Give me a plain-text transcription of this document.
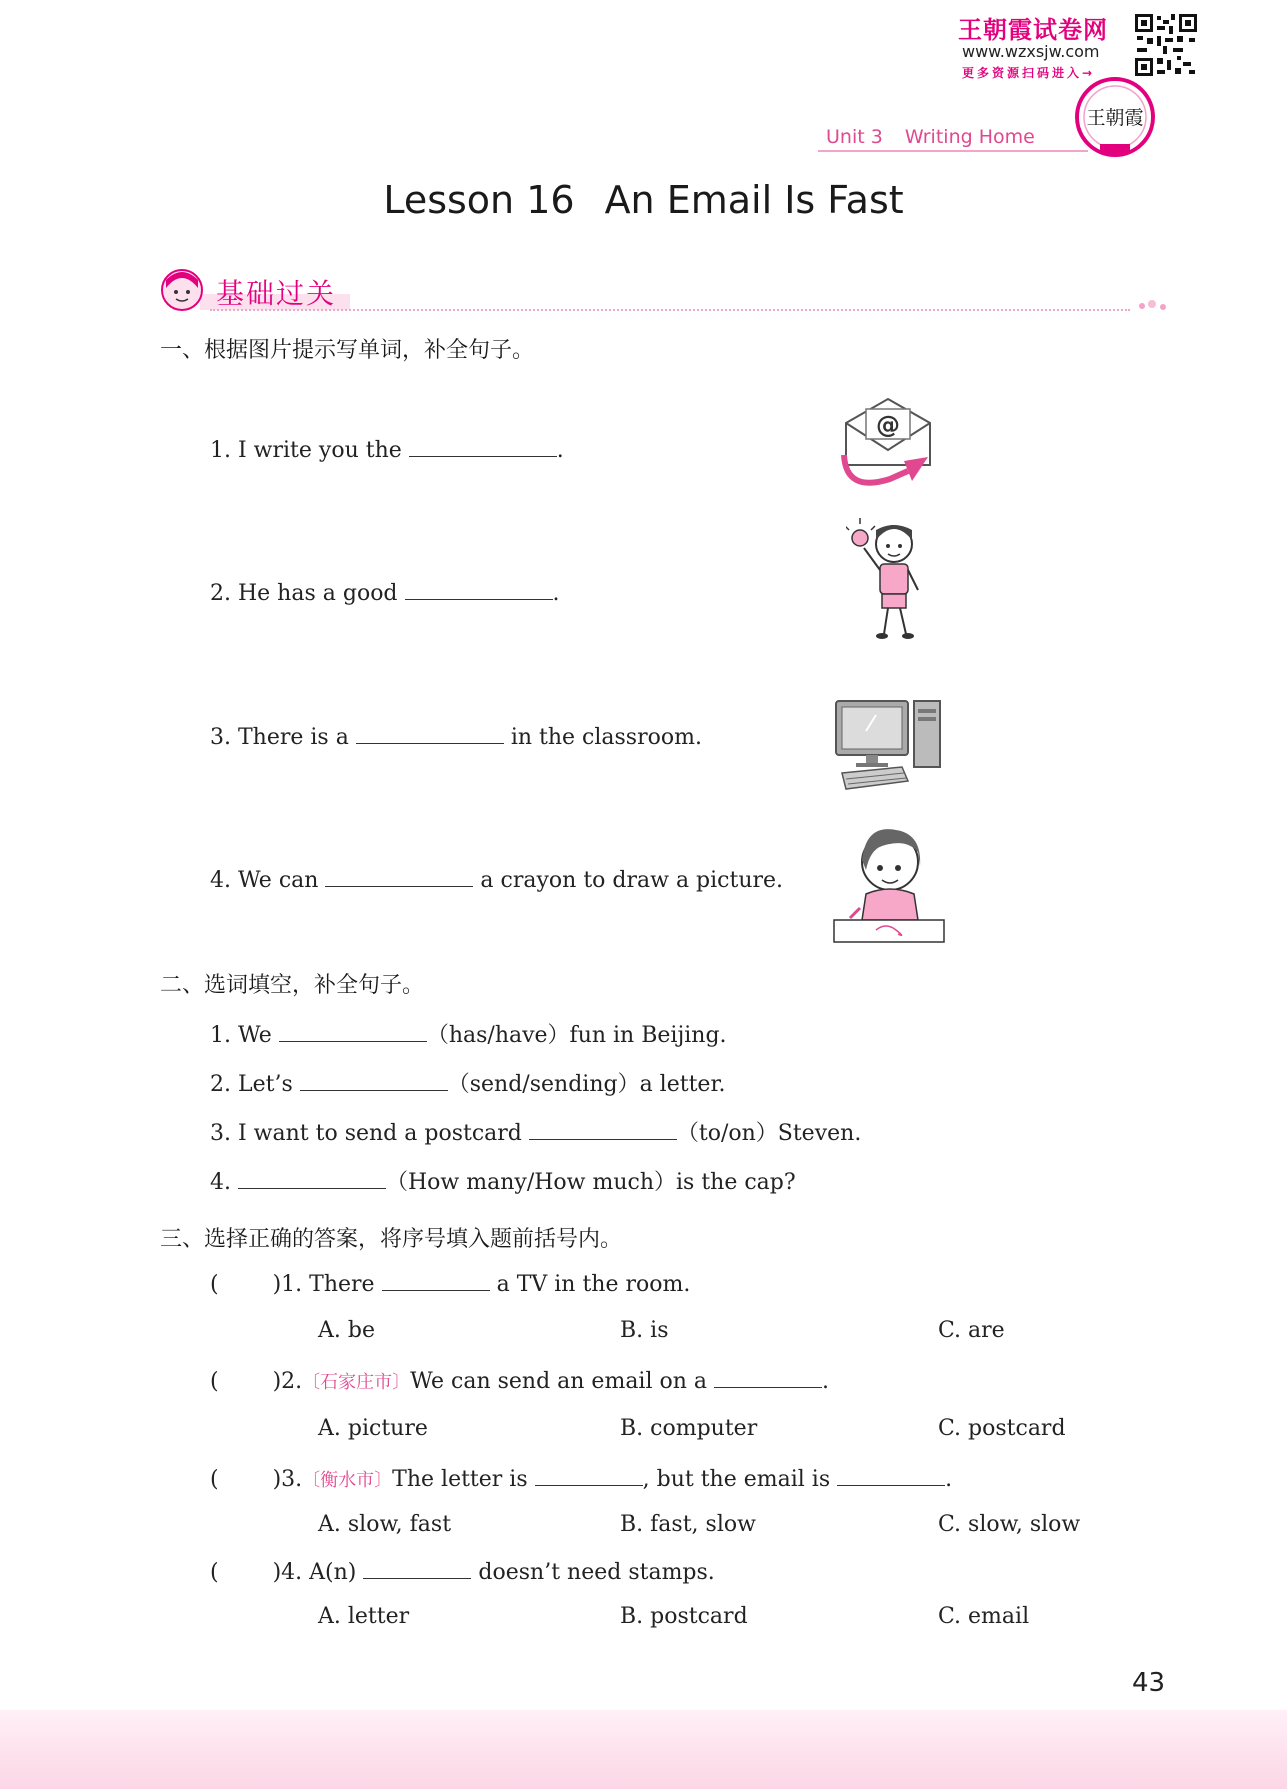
王朝霞试卷网
www.wzxsjw.com
更多资源扫码进入→
王朝霞
Unit 3 Writing Home
Lesson 16 An Email Is Fast
基础过关
一、根据图片提示写单词，补全句子。
1. I write you the	.
2. He has a good	.
3. There is a	in the classroom.
4. We can	a crayon to draw a picture.
@
二、选词填空，补全句子。
1. We	（has/have）fun in Beijing.
2. Let’s	（send/sending）a letter.
3. I want to send a postcard	（to/on）Steven.
4.	（How many/How much）is the cap?
三、选择正确的答案，将序号填入题前括号内。
( )1. There	a TV in the room.
A. be	B. is	C. are
( )2.〔石家庄市〕We can send an email on a	.
A. picture	B. computer	C. postcard
( )3.〔衡水市〕The letter is	, but the email is	.
A. slow, fast	B. fast, slow	C. slow, slow
( )4. A(n)	doesn’t need stamps.
A. letter	B. postcard	C. email
43
